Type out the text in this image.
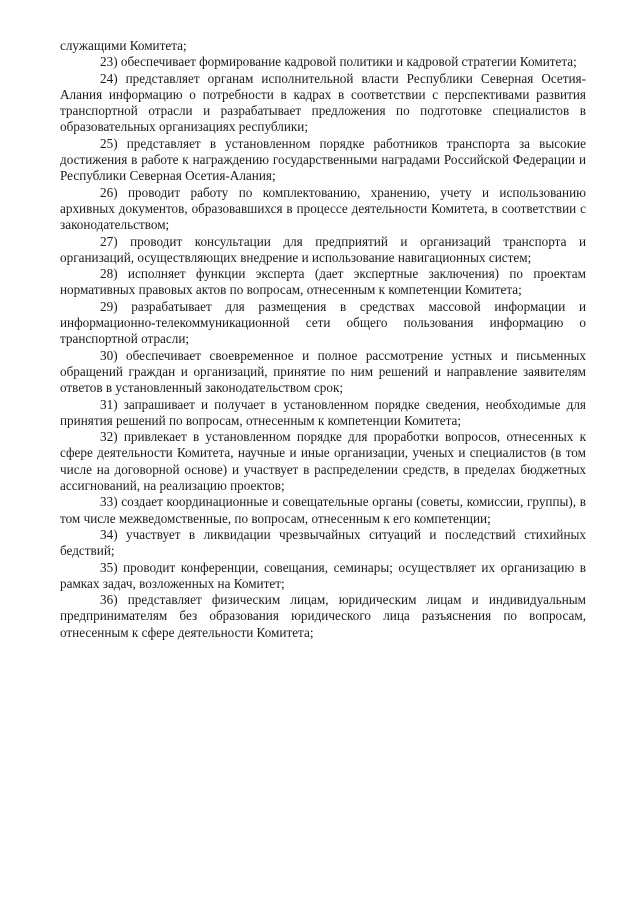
служащими Комитета;

23) обеспечивает формирование кадровой политики и кадровой стратегии Комитета;

24) представляет органам исполнительной власти Республики Северная Осетия-Алания информацию о потребности в кадрах в соответствии с перспективами развития транспортной отрасли и разрабатывает предложения по подготовке специалистов в образовательных организациях республики;

25) представляет в установленном порядке работников транспорта за высокие достижения в работе к награждению государственными наградами Российской Федерации и Республики Северная Осетия-Алания;

26) проводит работу по комплектованию, хранению, учету и использованию архивных документов, образовавшихся в процессе деятельности Комитета, в соответствии с законодательством;

27) проводит консультации для предприятий и организаций транспорта и организаций, осуществляющих внедрение и использование навигационных систем;

28) исполняет функции эксперта (дает экспертные заключения) по проектам нормативных правовых актов по вопросам, отнесенным к компетенции Комитета;

29) разрабатывает для размещения в средствах массовой информации и информационно-телекоммуникационной сети общего пользования информацию о транспортной отрасли;

30) обеспечивает своевременное и полное рассмотрение устных и письменных обращений граждан и организаций, принятие по ним решений и направление заявителям ответов в установленный законодательством срок;

31) запрашивает и получает в установленном порядке сведения, необходимые для принятия решений по вопросам, отнесенным к компетенции Комитета;

32) привлекает в установленном порядке для проработки вопросов, отнесенных к сфере деятельности Комитета, научные и иные организации, ученых и специалистов (в том числе на договорной основе) и участвует в распределении средств, в пределах бюджетных ассигнований, на реализацию проектов;

33) создает координационные и совещательные органы (советы, комиссии, группы), в том числе межведомственные, по вопросам, отнесенным к его компетенции;

34) участвует в ликвидации чрезвычайных ситуаций и последствий стихийных бедствий;

35) проводит конференции, совещания, семинары; осуществляет их организацию в рамках задач, возложенных на Комитет;

36) представляет физическим лицам, юридическим лицам и индивидуальным предпринимателям без образования юридического лица разъяснения по вопросам, отнесенным к сфере деятельности Комитета;
